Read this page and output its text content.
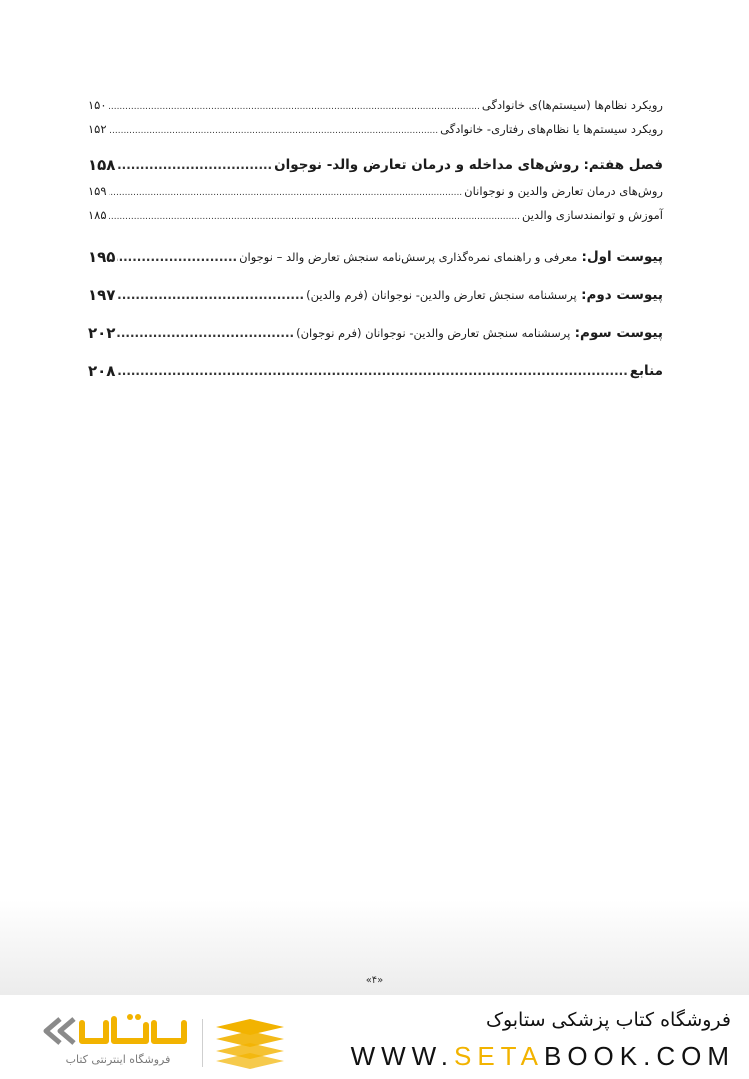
رویکرد نظام‌ها (سیستم‌ها)ی خانوادگی
.....
۱۵۰
رویکرد سیستم‌ها یا نظام‌های رفتاری- خانوادگی
.....
۱۵۲
فصل هفتم: روش‌های مداخله و درمان تعارض والد- نوجوان
.....
۱۵۸
روش‌های درمان تعارض والدین و نوجوانان
.....
۱۵۹
آموزش و توانمندسازی والدین
.....
۱۸۵
پیوست اول: معرفی و راهنمای نمره‌گذاری پرسش‌نامه سنجش تعارض والد – نوجوان
.....
۱۹۵
پیوست دوم: پرسشنامه سنجش تعارض والدین- نوجوانان (فرم والدین)
.....
۱۹۷
پیوست سوم: پرسشنامه سنجش تعارض والدین- نوجوانان (فرم نوجوان)
.....
۲۰۲
منابع
.....
۲۰۸
«۴»
فروشگاه اینترنتی کتاب
فروشگاه کتاب پزشکی ستابوک
WWW.SETABOOK.COM
